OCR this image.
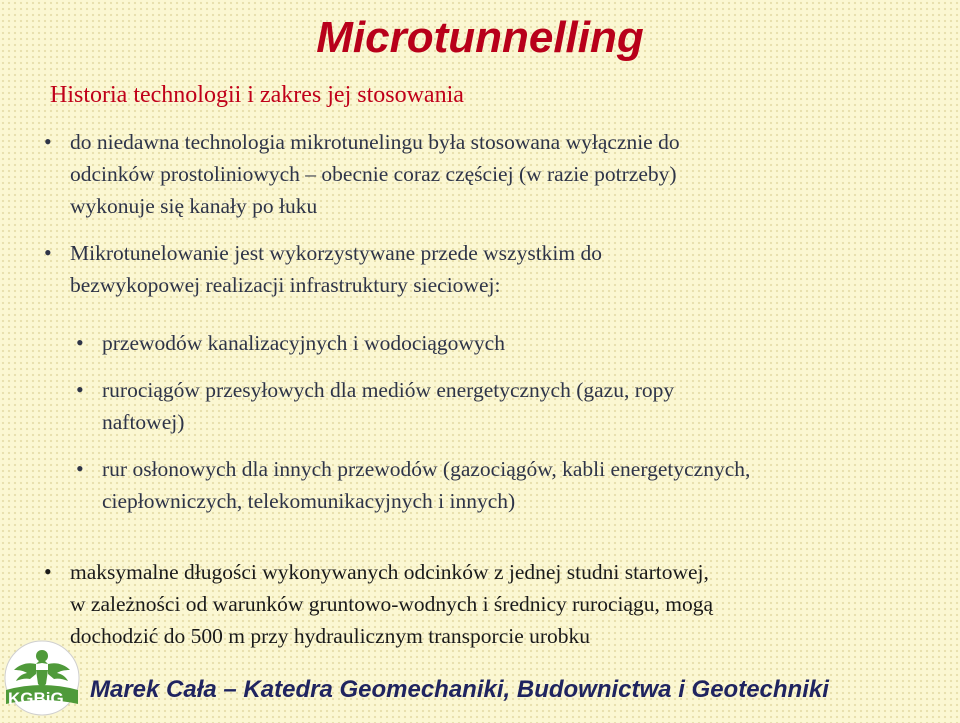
Microtunnelling
Historia technologii i zakres jej stosowania
• do niedawna technologia mikrotunelingu była stosowana wyłącznie do
odcinków prostoliniowych – obecnie coraz częściej (w razie potrzeby)
wykonuje się kanały po łuku
• Mikrotunelowanie jest wykorzystywane przede wszystkim do
bezwykopowej realizacji infrastruktury sieciowej:
• przewodów kanalizacyjnych i wodociągowych
• rurociągów przesyłowych dla mediów energetycznych (gazu, ropy
naftowej)
• rur osłonowych dla innych przewodów (gazociągów, kabli energetycznych,
ciepłowniczych, telekomunikacyjnych i innych)
• maksymalne długości wykonywanych odcinków z jednej studni startowej,
w zależności od warunków gruntowo-wodnych i średnicy rurociągu, mogą
dochodzić do 500 m przy hydraulicznym transporcie urobku
KGBiG Marek Cała – Katedra Geomechaniki, Budownictwa i Geotechniki
